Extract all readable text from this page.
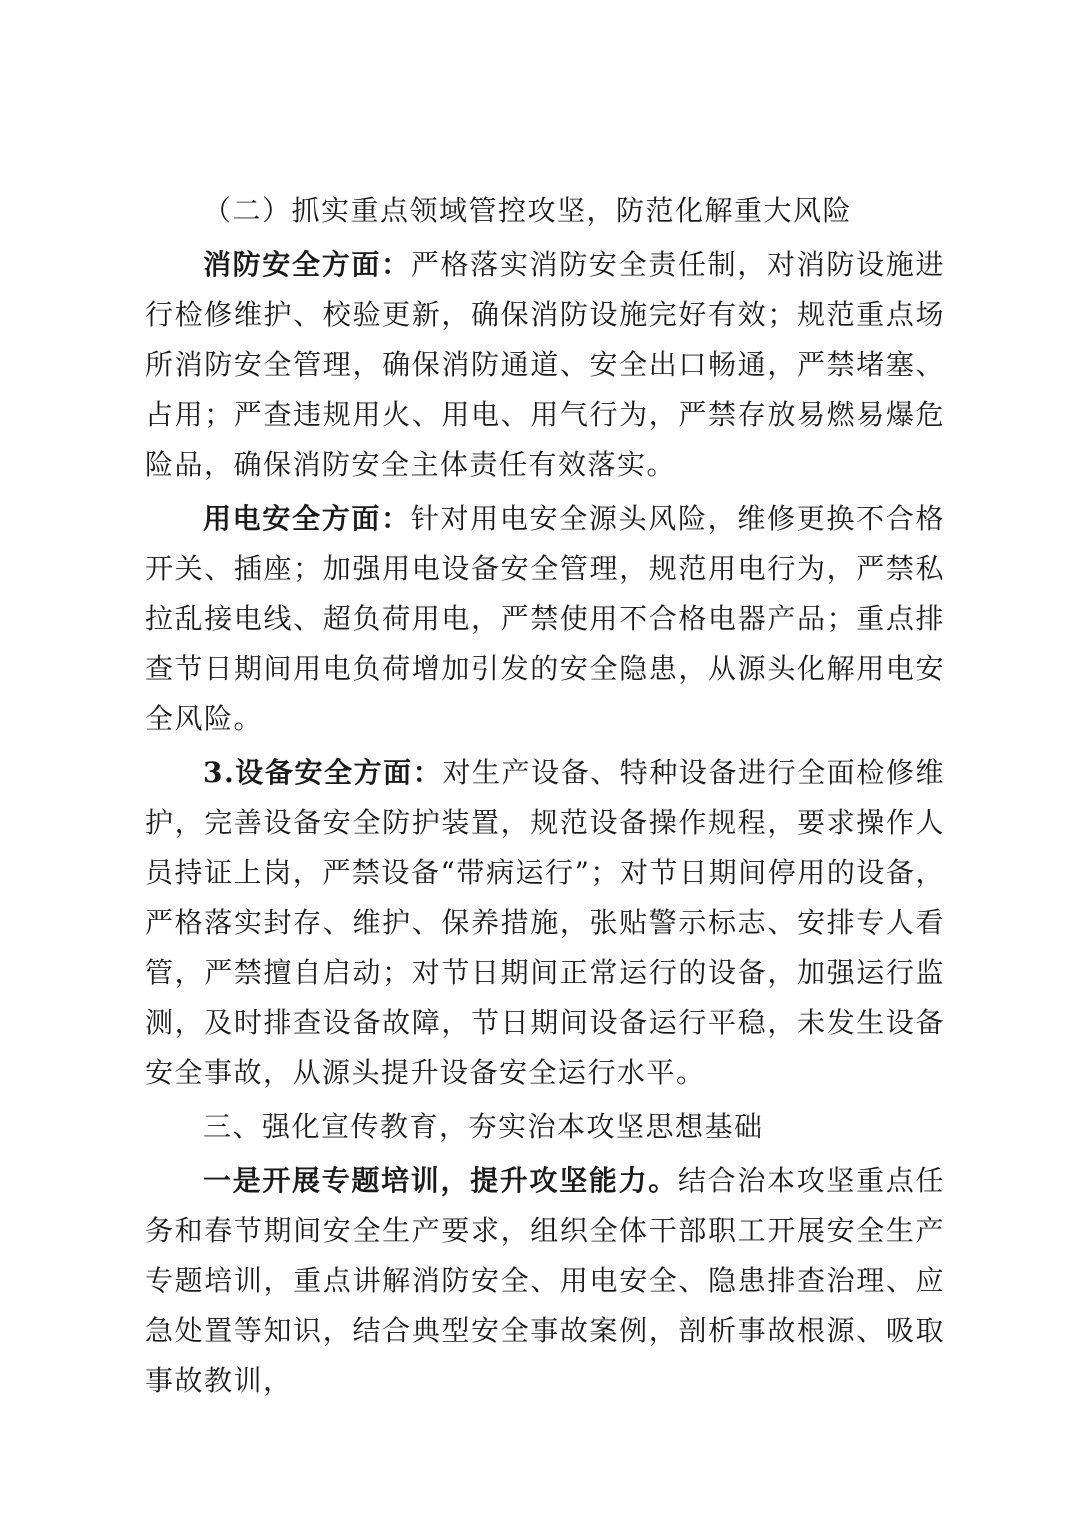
（二）抓实重点领域管控攻坚，防范化解重大风险

消防安全方面：严格落实消防安全责任制，对消防设施进行检修维护、校验更新，确保消防设施完好有效；规范重点场所消防安全管理，确保消防通道、安全出口畅通，严禁堵塞、占用；严查违规用火、用电、用气行为，严禁存放易燃易爆危险品，确保消防安全主体责任有效落实。

用电安全方面：针对用电安全源头风险，维修更换不合格开关、插座；加强用电设备安全管理，规范用电行为，严禁私拉乱接电线、超负荷用电，严禁使用不合格电器产品；重点排查节日期间用电负荷增加引发的安全隐患，从源头化解用电安全风险。

3.设备安全方面：对生产设备、特种设备进行全面检修维护，完善设备安全防护装置，规范设备操作规程，要求操作人员持证上岗，严禁设备“带病运行”；对节日期间停用的设备，严格落实封存、维护、保养措施，张贴警示标志、安排专人看管，严禁擅自启动；对节日期间正常运行的设备，加强运行监测，及时排查设备故障，节日期间设备运行平稳，未发生设备安全事故，从源头提升设备安全运行水平。

三、强化宣传教育，夯实治本攻坚思想基础

一是开展专题培训，提升攻坚能力。结合治本攻坚重点任务和春节期间安全生产要求，组织全体干部职工开展安全生产专题培训，重点讲解消防安全、用电安全、隐患排查治理、应急处置等知识，结合典型安全事故案例，剖析事故根源、吸取事故教训，
